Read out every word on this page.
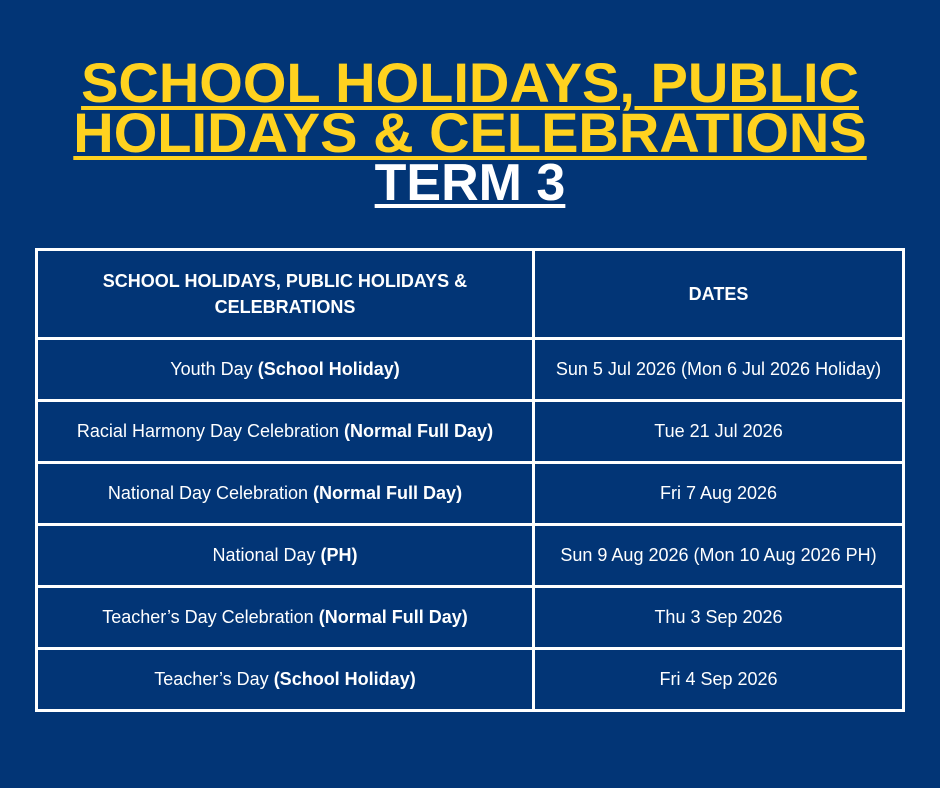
SCHOOL HOLIDAYS, PUBLIC
HOLIDAYS & CELEBRATIONS
TERM 3
SCHOOL HOLIDAYS, PUBLIC HOLIDAYS & CELEBRATIONS	DATES
Youth Day (School Holiday)	Sun 5 Jul 2026 (Mon 6 Jul 2026 Holiday)
Racial Harmony Day Celebration (Normal Full Day)	Tue 21 Jul 2026
National Day Celebration (Normal Full Day)	Fri 7 Aug 2026
National Day (PH)	Sun 9 Aug 2026 (Mon 10 Aug 2026 PH)
Teacher’s Day Celebration (Normal Full Day)	Thu 3 Sep 2026
Teacher’s Day (School Holiday)	Fri 4 Sep 2026
